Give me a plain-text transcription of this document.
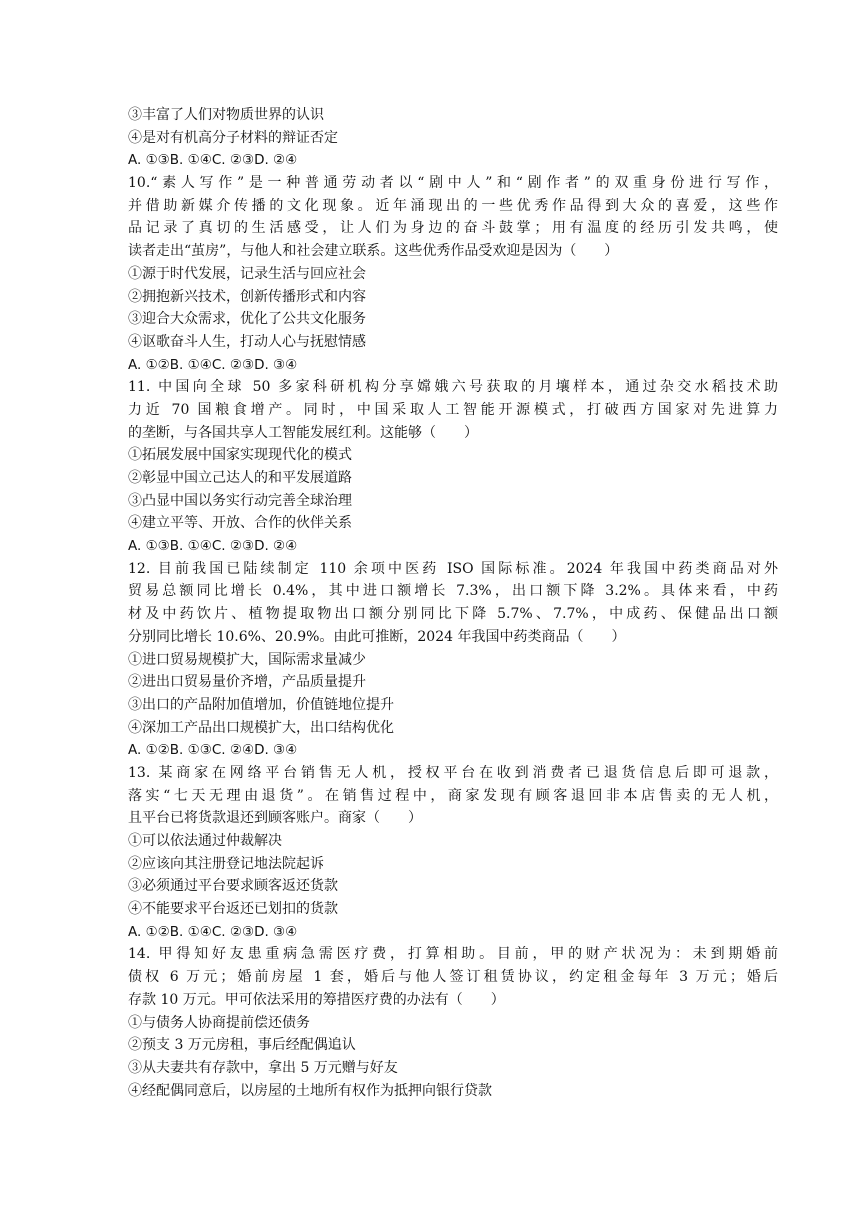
③丰富了人们对物质世界的认识
④是对有机高分子材料的辩证否定
A. ①③B. ①④C. ②③D. ②④
10.“素人写作”是一种普通劳动者以“剧中人”和“剧作者”的双重身份进行写作，
并借助新媒介传播的文化现象。近年涌现出的一些优秀作品得到大众的喜爱，这些作
品记录了真切的生活感受，让人们为身边的奋斗鼓掌；用有温度的经历引发共鸣，使
读者走出“茧房”，与他人和社会建立联系。这些优秀作品受欢迎是因为（　　）
①源于时代发展，记录生活与回应社会
②拥抱新兴技术，创新传播形式和内容
③迎合大众需求，优化了公共文化服务
④讴歌奋斗人生，打动人心与抚慰情感
A. ①②B. ①④C. ②③D. ③④
11. 中国向全球 50 多家科研机构分享嫦娥六号获取的月壤样本，通过杂交水稻技术助
力近 70 国粮食增产。同时，中国采取人工智能开源模式，打破西方国家对先进算力
的垄断，与各国共享人工智能发展红利。这能够（　　）
①拓展发展中国家实现现代化的模式
②彰显中国立己达人的和平发展道路
③凸显中国以务实行动完善全球治理
④建立平等、开放、合作的伙伴关系
A. ①③B. ①④C. ②③D. ②④
12. 目前我国已陆续制定 110 余项中医药 ISO 国际标准。2024 年我国中药类商品对外
贸易总额同比增长 0.4%，其中进口额增长 7.3%，出口额下降 3.2%。具体来看，中药
材及中药饮片、植物提取物出口额分别同比下降 5.7%、7.7%，中成药、保健品出口额
分别同比增长 10.6%、20.9%。由此可推断，2024 年我国中药类商品（　　）
①进口贸易规模扩大，国际需求量减少
②进出口贸易量价齐增，产品质量提升
③出口的产品附加值增加，价值链地位提升
④深加工产品出口规模扩大，出口结构优化
A. ①②B. ①③C. ②④D. ③④
13. 某商家在网络平台销售无人机，授权平台在收到消费者已退货信息后即可退款，
落实“七天无理由退货”。在销售过程中，商家发现有顾客退回非本店售卖的无人机，
且平台已将货款退还到顾客账户。商家（　　）
①可以依法通过仲裁解决
②应该向其注册登记地法院起诉
③必须通过平台要求顾客返还货款
④不能要求平台返还已划扣的货款
A. ①②B. ①④C. ②③D. ③④
14. 甲得知好友患重病急需医疗费，打算相助。目前，甲的财产状况为：未到期婚前
债权 6 万元；婚前房屋 1 套，婚后与他人签订租赁协议，约定租金每年 3 万元；婚后
存款 10 万元。甲可依法采用的筹措医疗费的办法有（　　）
①与债务人协商提前偿还债务
②预支 3 万元房租，事后经配偶追认
③从夫妻共有存款中，拿出 5 万元赠与好友
④经配偶同意后，以房屋的土地所有权作为抵押向银行贷款
